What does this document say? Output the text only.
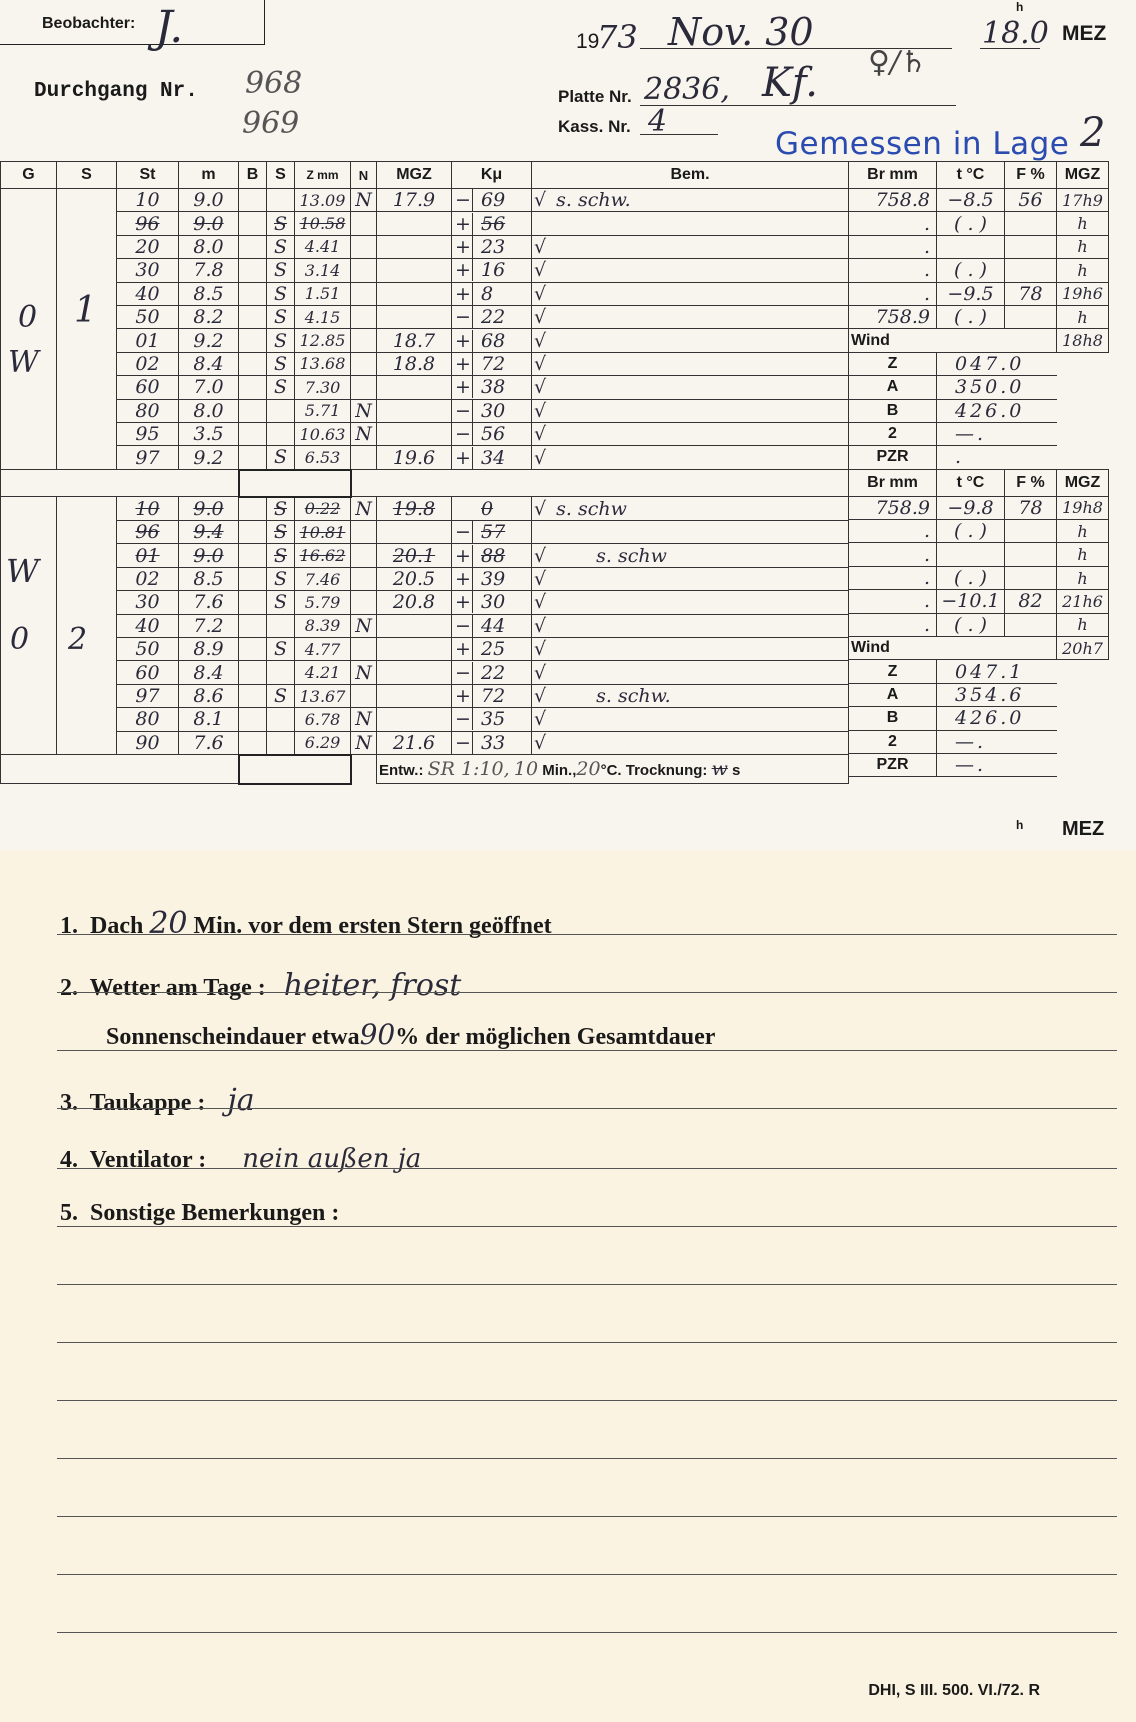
Beobachter: J.	19
73 Nov. 30
h
18.0 MEZ
Durchgang Nr. 968
969
Platte Nr. 2836, Kf. ♀/♄
Kass. Nr. 4
Gemessen in Lage 2
G	S	St	m	B	S	Z mm	N	MGZ	Kμ	Bem.
		10	9.0			13.09	N	17.9	− 69	√ s. schw.
		96	9.0		S	10.58			+ 56	
		20	8.0		S	4.41			+ 23	√
		30	7.8		S	3.14			+ 16	√
		40	8.5		S	1.51			+ 8	√
		50	8.2		S	4.15			− 22	√
		01	9.2		S	12.85		18.7	+ 68	√
		02	8.4		S	13.68		18.8	+ 72	√
		60	7.0		S	7.30			+ 38	√
		80	8.0			5.71	N		− 30	√
		95	3.5			10.63	N		− 56	√
		97	9.2		S	6.53		19.6	+ 34	√

		10	9.0		S	0.22	N	19.8	0	√ s. schw
		96	9.4		S	10.81			− 57	
		01	9.0		S	16.62		20.1	+ 88	√ s. schw
		02	8.5		S	7.46		20.5	+ 39	√
		30	7.6		S	5.79		20.8	+ 30	√
		40	7.2			8.39	N		− 44	√
		50	8.9		S	4.77			+ 25	√
		60	8.4			4.21	N		− 22	√
		97	8.6		S	13.67			+ 72	√ s. schw.
		80	8.1			6.78	N		− 35	√
		90	7.6			6.29	N	21.6	− 33	√
								Entw.: SR 1:10, 10 Min.,20°C. Trocknung: w s		
0
W
1
W
0 2
Br mm	t °C	F %	MGZ
758.8	−8.5	56	17h9
.	( . )		h
.			h
.	( . )		h
.	−9.5	78	19h6
758.9	( . )		h
Wind			18h8
Z	047.0		
A	350.0		
B	426.0		
2	—.		
PZR	.		
Br mm	t °C	F %	MGZ
758.9	−9.8	78	19h8
.	( . )		h
.			h
.	( . )		h
.	−10.1	82	21h6
.	( . )		h
Wind			20h7
Z	047.1		
A	354.6		
B	426.0		
2	—.		
PZR	—.		
h MEZ
1. Dach 20 Min. vor dem ersten Stern geöffnet
2. Wetter am Tage : heiter, frost
Sonnenscheindauer etwa90% der möglichen Gesamtdauer
3. Taukappe : ja
4. Ventilator : nein außen ja
5. Sonstige Bemerkungen :
DHI, S III. 500. VI./72. R
